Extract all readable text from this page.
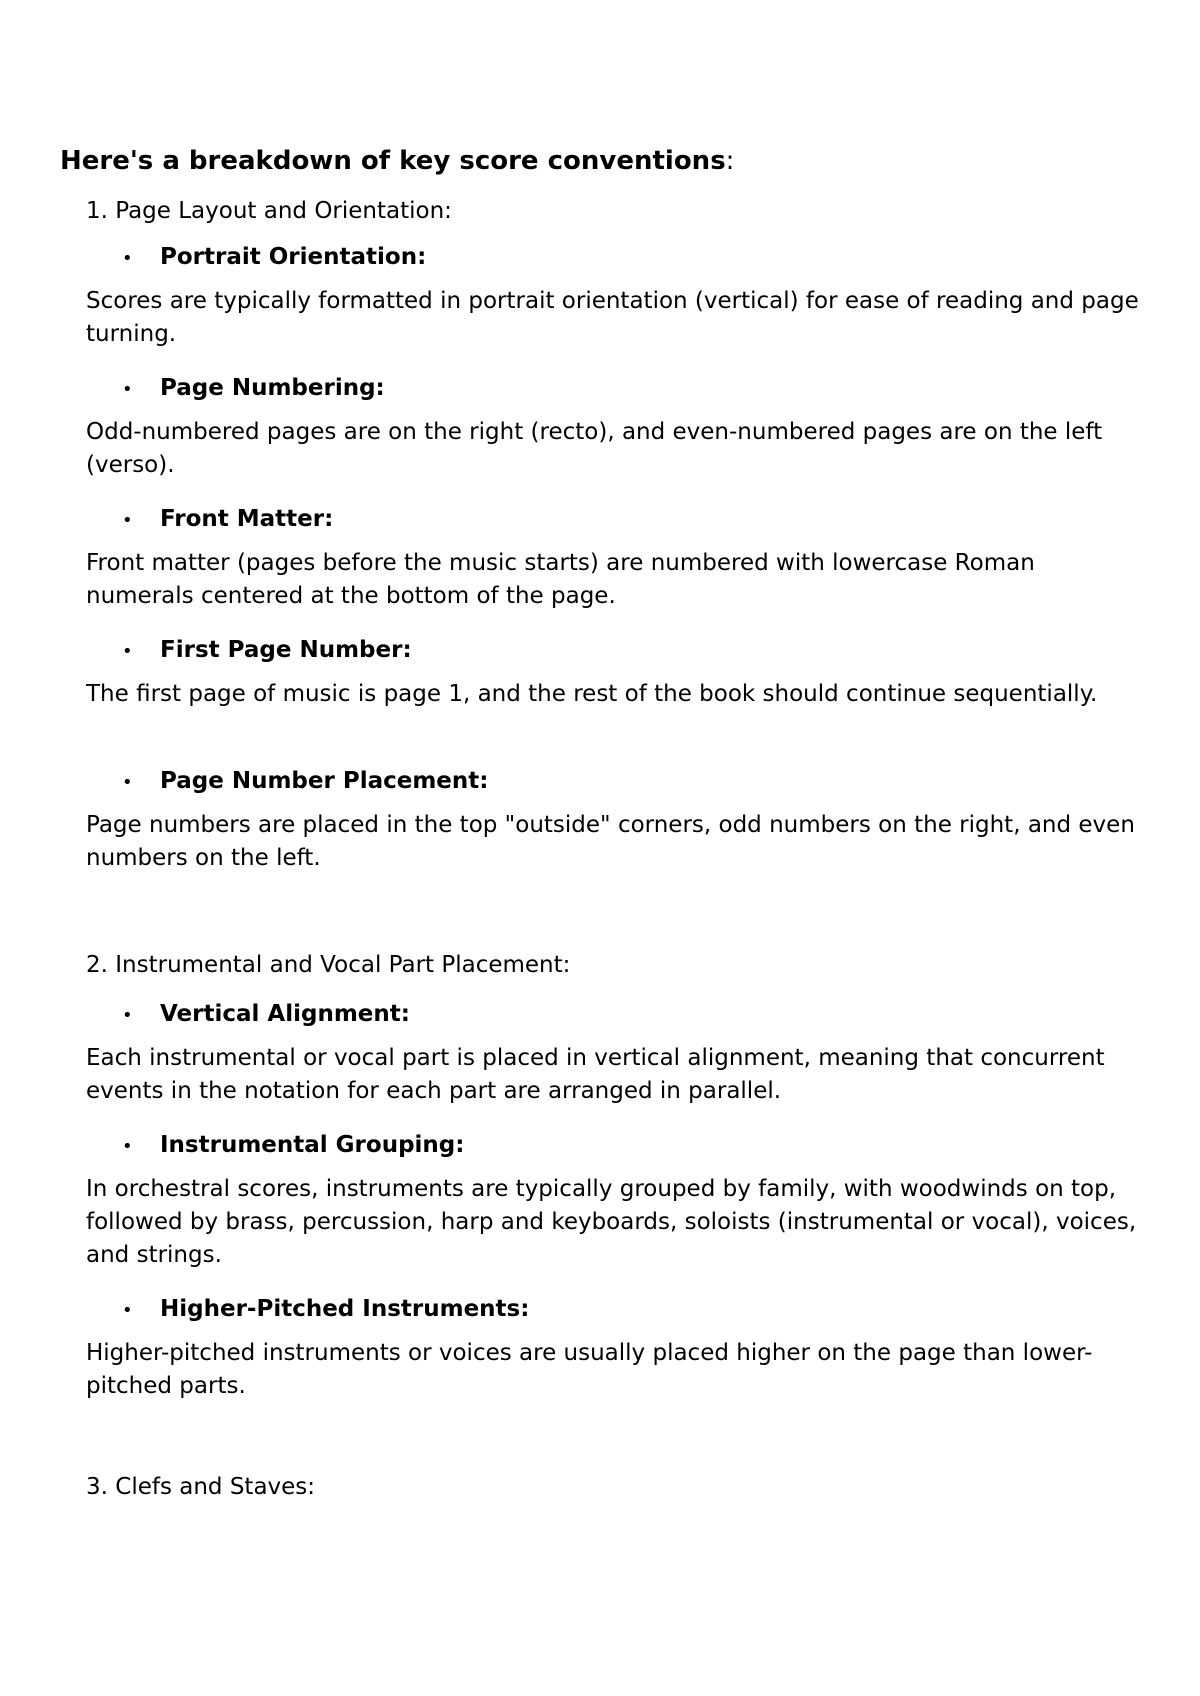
Here's a breakdown of key score conventions:
1. Page Layout and Orientation:
• Portrait Orientation:
Scores are typically formatted in portrait orientation (vertical) for ease of reading and page turning.
• Page Numbering:
Odd-numbered pages are on the right (recto), and even-numbered pages are on the left (verso).
• Front Matter:
Front matter (pages before the music starts) are numbered with lowercase Roman numerals centered at the bottom of the page.
• First Page Number:
The first page of music is page 1, and the rest of the book should continue sequentially.
• Page Number Placement:
Page numbers are placed in the top "outside" corners, odd numbers on the right, and even numbers on the left.
2. Instrumental and Vocal Part Placement:
• Vertical Alignment:
Each instrumental or vocal part is placed in vertical alignment, meaning that concurrent events in the notation for each part are arranged in parallel.
• Instrumental Grouping:
In orchestral scores, instruments are typically grouped by family, with woodwinds on top, followed by brass, percussion, harp and keyboards, soloists (instrumental or vocal), voices, and strings.
• Higher-Pitched Instruments:
Higher-pitched instruments or voices are usually placed higher on the page than lower-pitched parts.
3. Clefs and Staves:
